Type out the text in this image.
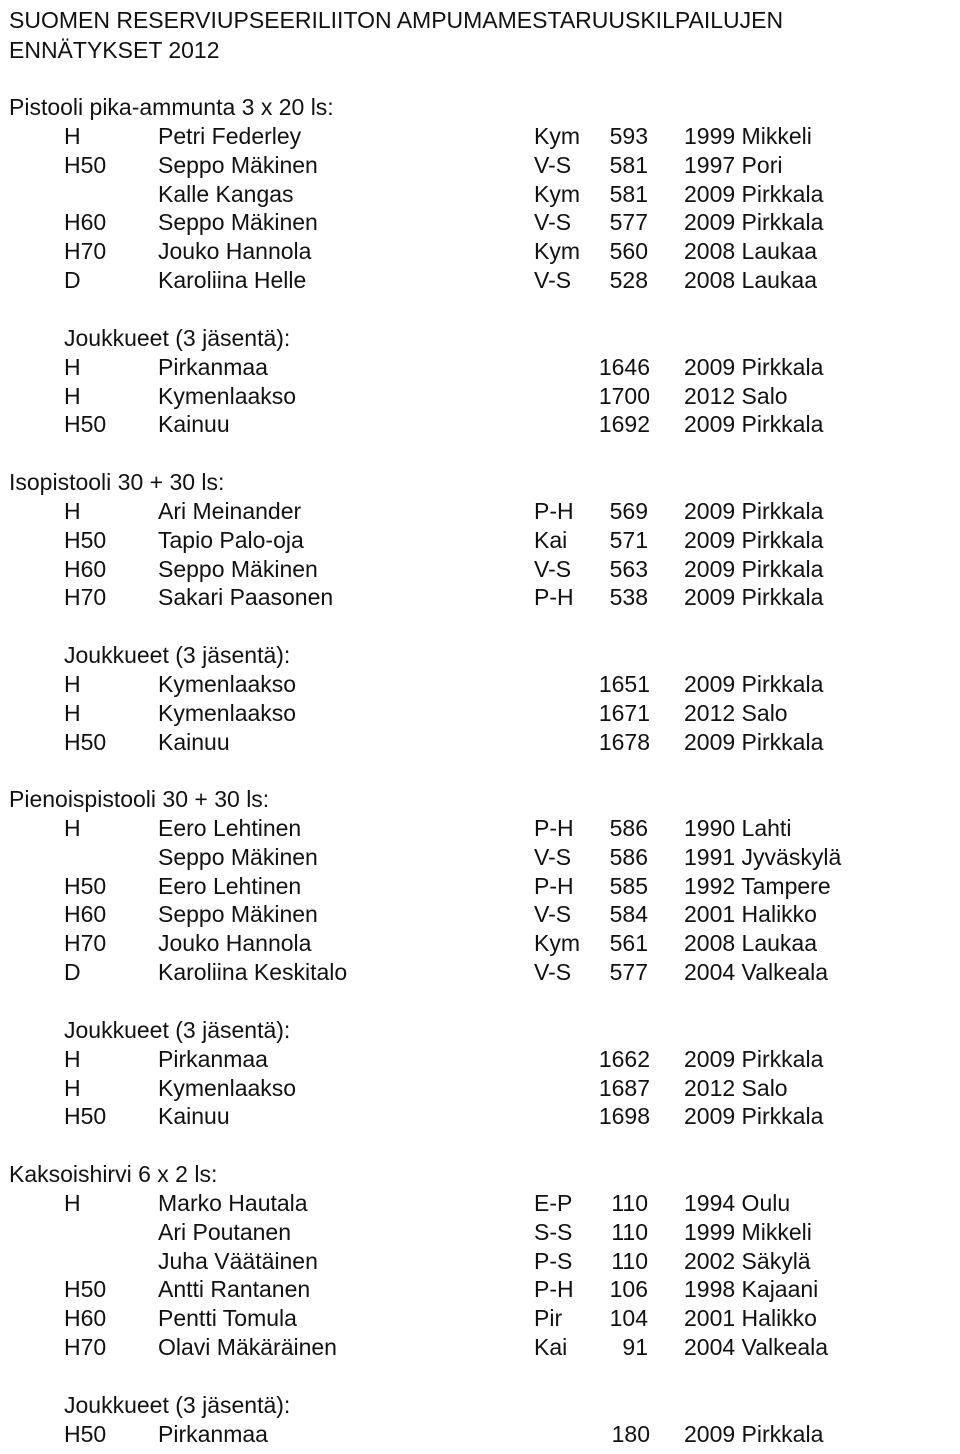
SUOMEN RESERVIUPSEERILIITON AMPUMAMESTARUUSKILPAILUJEN
ENNÄTYKSET 2012
Pistooli pika-ammunta 3 x 20 ls:
H	Petri Federley	Kym 593 1999 Mikkeli
H50 Seppo Mäkinen	V-S 581 1997 Pori
Kalle Kangas	Kym 581 2009 Pirkkala
H60 Seppo Mäkinen	V-S 577 2009 Pirkkala
H70 Jouko Hannola	Kym 560 2008 Laukaa
D	Karoliina Helle	V-S 528 2008 Laukaa
Joukkueet (3 jäsentä):
H	Pirkanmaa	1646 2009 Pirkkala
H	Kymenlaakso	1700 2012 Salo
H50 Kainuu	1692 2009 Pirkkala
Isopistooli 30 + 30 ls:
H	Ari Meinander	P-H 569 2009 Pirkkala
H50 Tapio Palo-oja	Kai 571 2009 Pirkkala
H60 Seppo Mäkinen	V-S 563 2009 Pirkkala
H70 Sakari Paasonen	P-H 538 2009 Pirkkala
Joukkueet (3 jäsentä):
H	Kymenlaakso	1651 2009 Pirkkala
H	Kymenlaakso	1671 2012 Salo
H50 Kainuu	1678 2009 Pirkkala
Pienoispistooli 30 + 30 ls:
H	Eero Lehtinen	P-H 586 1990 Lahti
Seppo Mäkinen	V-S 586 1991 Jyväskylä
H50 Eero Lehtinen	P-H 585 1992 Tampere
H60 Seppo Mäkinen	V-S 584 2001 Halikko
H70 Jouko Hannola	Kym 561 2008 Laukaa
D	Karoliina Keskitalo	V-S 577 2004 Valkeala
Joukkueet (3 jäsentä):
H	Pirkanmaa	1662 2009 Pirkkala
H	Kymenlaakso	1687 2012 Salo
H50 Kainuu	1698 2009 Pirkkala
Kaksoishirvi 6 x 2 ls:
H	Marko Hautala	E-P 110 1994 Oulu
Ari Poutanen	S-S 110 1999 Mikkeli
Juha Väätäinen	P-S 110 2002 Säkylä
H50 Antti Rantanen	P-H 106 1998 Kajaani
H60 Pentti Tomula	Pir 104 2001 Halikko
H70 Olavi Mäkäräinen	Kai 91 2004 Valkeala
Joukkueet (3 jäsentä):
H50 Pirkanmaa	180 2009 Pirkkala
